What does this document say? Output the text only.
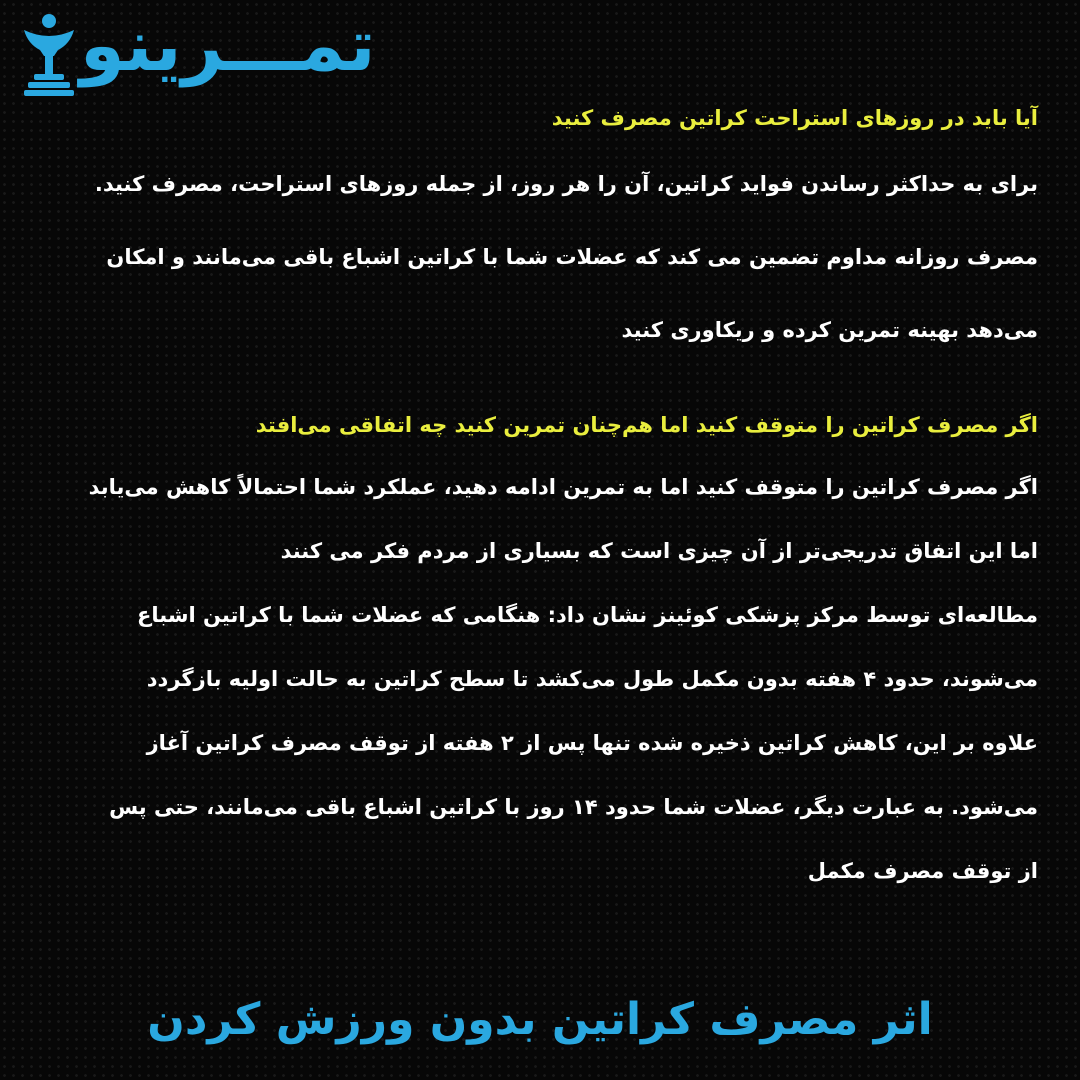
تمـــرینو

آیا باید در روزهای استراحت کراتین مصرف کنید

برای به حداکثر رساندن فواید کراتین، آن را هر روز، از جمله روزهای استراحت، مصرف کنید.
مصرف روزانه مداوم تضمین می کند که عضلات شما با کراتین اشباع باقی می‌مانند و امکان
می‌دهد بهینه تمرین کرده و ریکاوری کنید

اگر مصرف کراتین را متوقف کنید اما هم‌چنان تمرین کنید چه اتفاقی می‌افتد

اگر مصرف کراتین را متوقف کنید اما به تمرین ادامه دهید، عملکرد شما احتمالاً کاهش می‌یابد
اما این اتفاق تدریجی‌تر از آن چیزی است که بسیاری از مردم فکر می کنند
مطالعه‌ای توسط مرکز پزشکی کوئینز نشان داد: هنگامی که عضلات شما با کراتین اشباع
می‌شوند، حدود ۴ هفته بدون مکمل طول می‌کشد تا سطح کراتین به حالت اولیه بازگردد
علاوه بر این، کاهش کراتین ذخیره شده تنها پس از ۲ هفته از توقف مصرف کراتین آغاز
می‌شود. به عبارت دیگر، عضلات شما حدود ۱۴ روز با کراتین اشباع باقی می‌مانند، حتی پس
از توقف مصرف مکمل
اثر مصرف کراتین بدون ورزش کردن
